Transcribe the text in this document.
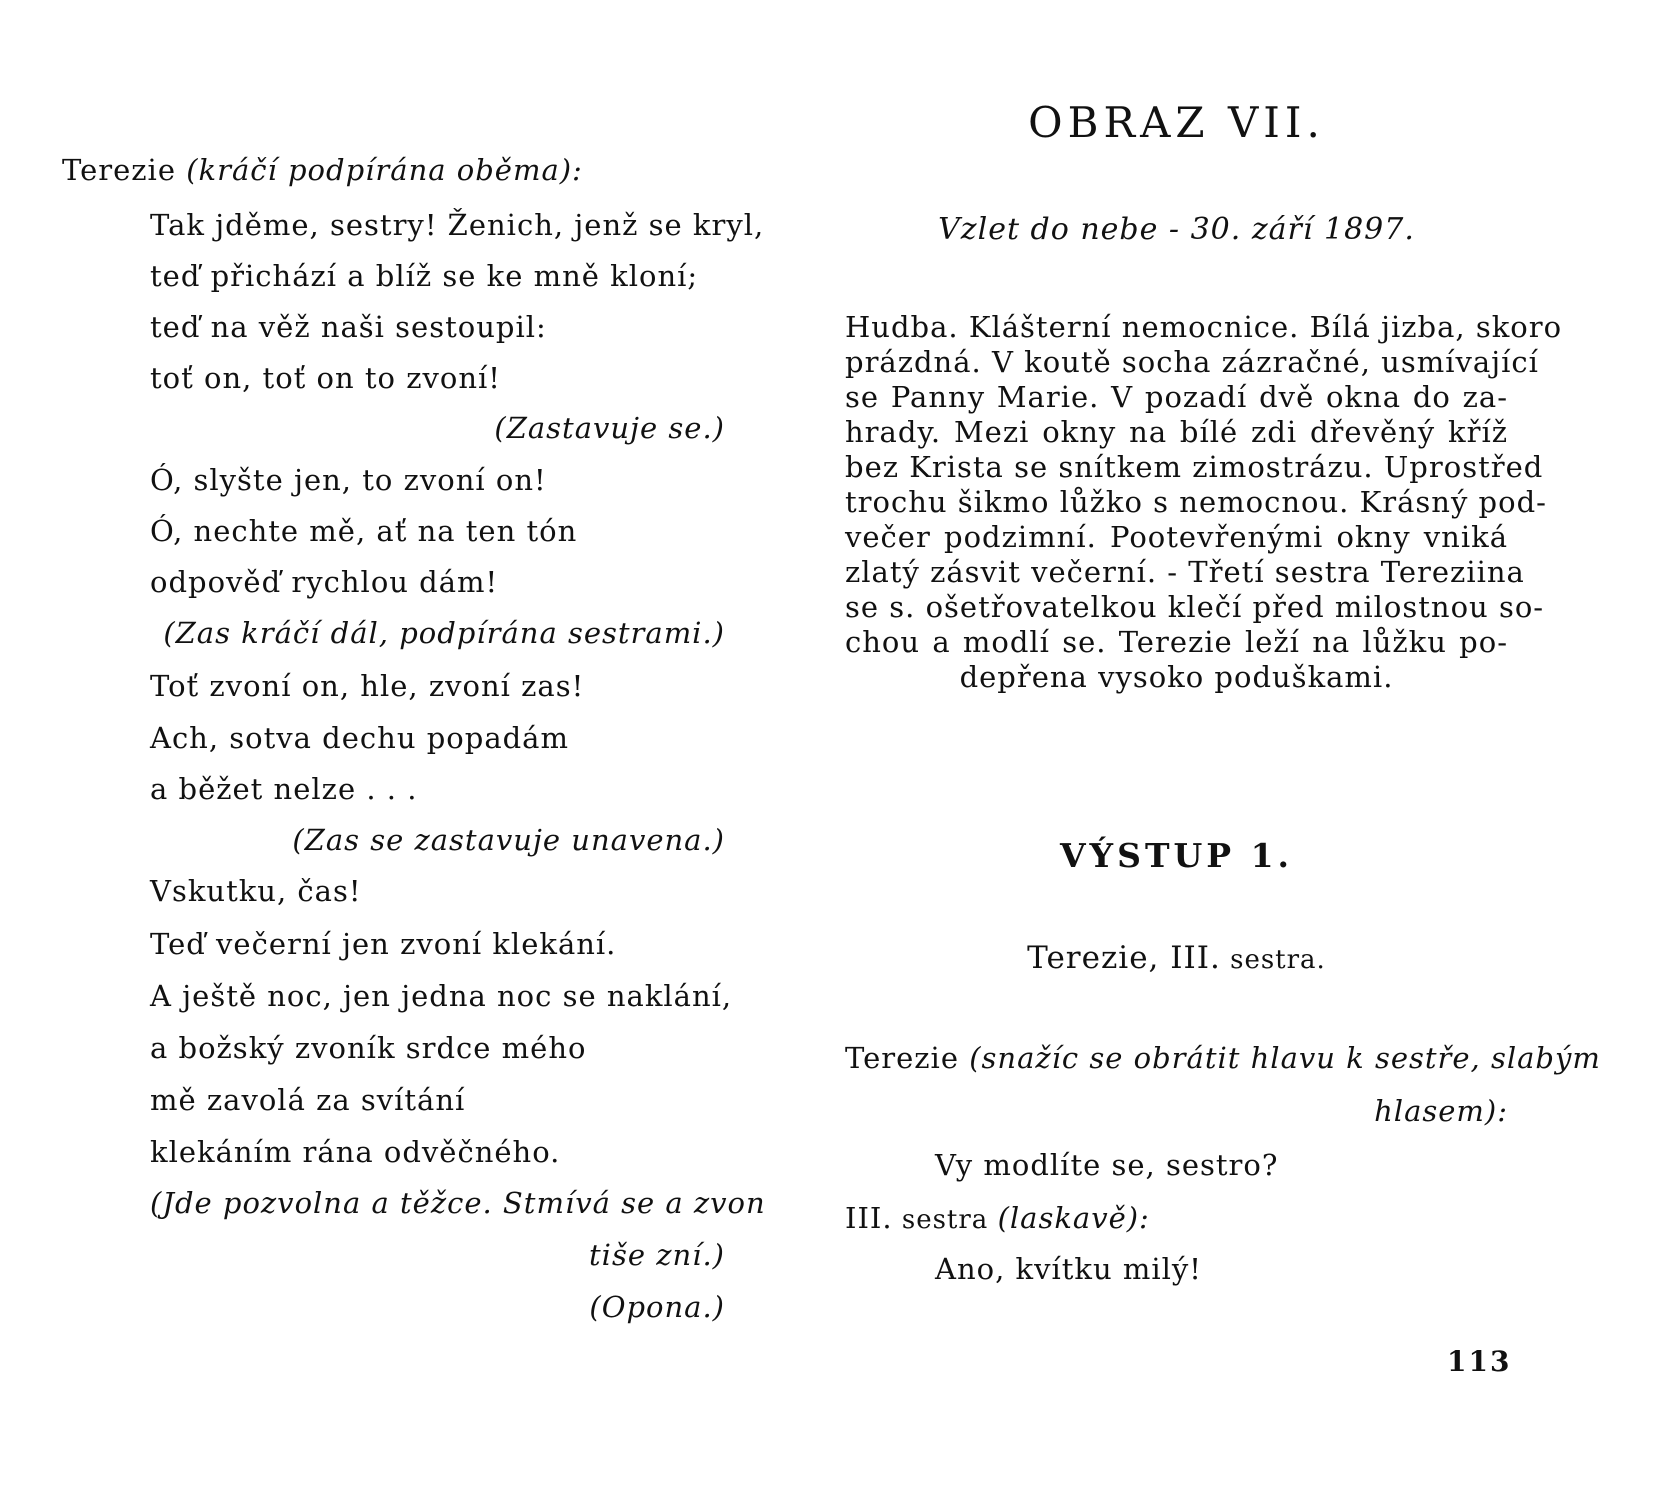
Terezie (kráčí podpírána oběma):
Tak jděme, sestry! Ženich, jenž se kryl,
teď přichází a blíž se ke mně kloní;
teď na věž naši sestoupil:
toť on, toť on to zvoní!
(Zastavuje se.)
Ó, slyšte jen, to zvoní on!
Ó, nechte mě, ať na ten tón
odpověď rychlou dám!
(Zas kráčí dál, podpírána sestrami.)
Toť zvoní on, hle, zvoní zas!
Ach, sotva dechu popadám
a běžet nelze . . .
(Zas se zastavuje unavena.)
Vskutku, čas!
Teď večerní jen zvoní klekání.
A ještě noc, jen jedna noc se naklání,
a božský zvoník srdce mého
mě zavolá za svítání
klekáním rána odvěčného.
(Jde pozvolna a těžce. Stmívá se a zvon
tiše zní.)
(Opona.)
OBRAZ VII.
Vzlet do nebe - 30. září 1897.
Hudba. Klášterní nemocnice. Bílá jizba, skoro
prázdná. V koutě socha zázračné, usmívající
se Panny Marie. V pozadí dvě okna do za-
hrady. Mezi okny na bílé zdi dřevěný kříž
bez Krista se snítkem zimostrázu. Uprostřed
trochu šikmo lůžko s nemocnou. Krásný pod-
večer podzimní. Pootevřenými okny vniká
zlatý zásvit večerní. - Třetí sestra Tereziina
se s. ošetřovatelkou klečí před milostnou so-
chou a modlí se. Terezie leží na lůžku po-
depřena vysoko poduškami.
VÝSTUP 1.
Terezie, III. sestra.
Terezie (snažíc se obrátit hlavu k sestře, slabým
hlasem):
Vy modlíte se, sestro?
III. sestra (laskavě):
Ano, kvítku milý!
113
